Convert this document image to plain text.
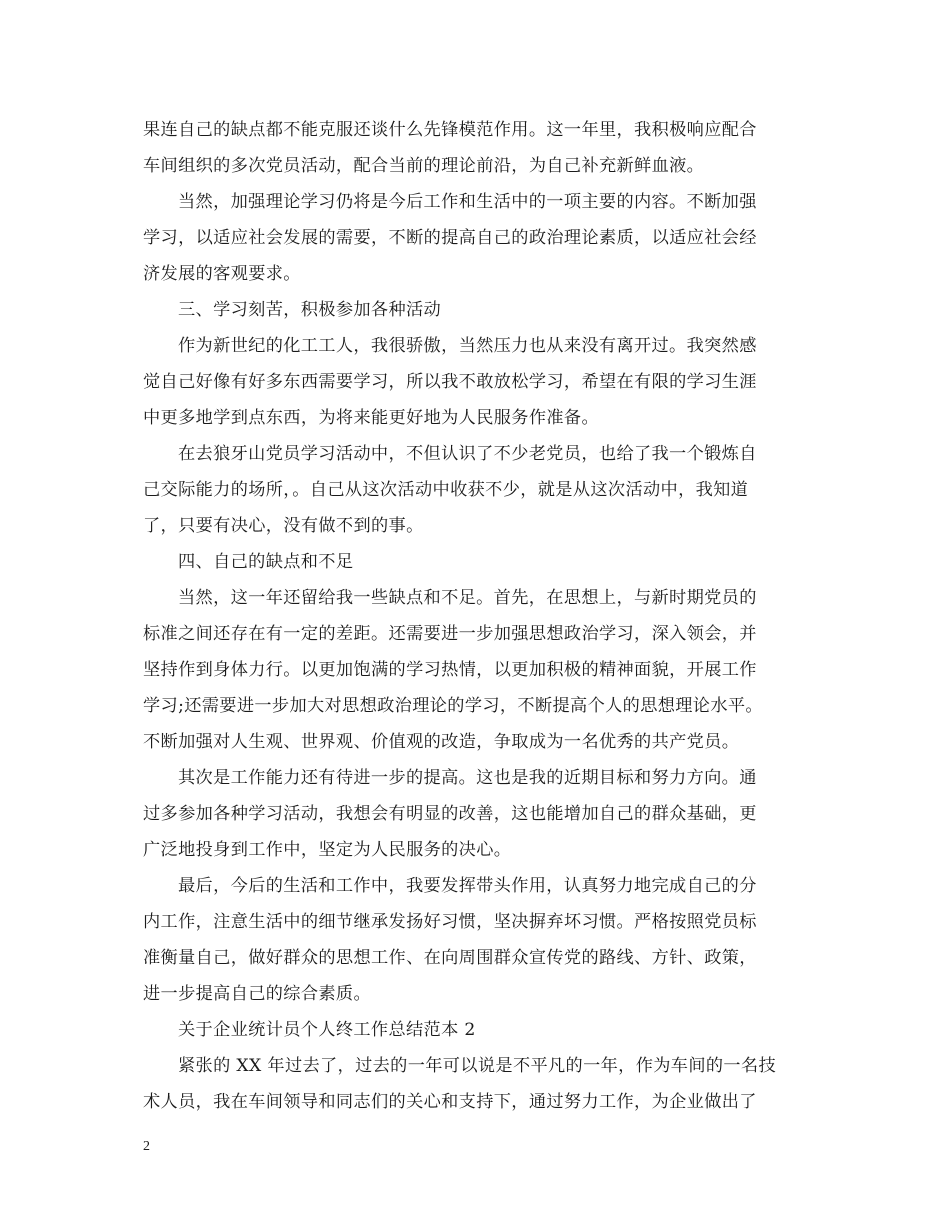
果连自己的缺点都不能克服还谈什么先锋模范作用。这一年里，我积极响应配合
车间组织的多次党员活动，配合当前的理论前沿，为自己补充新鲜血液。
当然，加强理论学习仍将是今后工作和生活中的一项主要的内容。不断加强
学习，以适应社会发展的需要，不断的提高自己的政治理论素质，以适应社会经
济发展的客观要求。
三、学习刻苦，积极参加各种活动
作为新世纪的化工工人，我很骄傲，当然压力也从来没有离开过。我突然感
觉自己好像有好多东西需要学习，所以我不敢放松学习，希望在有限的学习生涯
中更多地学到点东西，为将来能更好地为人民服务作准备。
在去狼牙山党员学习活动中，不但认识了不少老党员，也给了我一个锻炼自
己交际能力的场所，。自己从这次活动中收获不少，就是从这次活动中，我知道
了，只要有决心，没有做不到的事。
四、自己的缺点和不足
当然，这一年还留给我一些缺点和不足。首先，在思想上，与新时期党员的
标准之间还存在有一定的差距。还需要进一步加强思想政治学习，深入领会，并
坚持作到身体力行。以更加饱满的学习热情，以更加积极的精神面貌，开展工作
学习;还需要进一步加大对思想政治理论的学习，不断提高个人的思想理论水平。
不断加强对人生观、世界观、价值观的改造，争取成为一名优秀的共产党员。
其次是工作能力还有待进一步的提高。这也是我的近期目标和努力方向。通
过多参加各种学习活动，我想会有明显的改善，这也能增加自己的群众基础，更
广泛地投身到工作中，坚定为人民服务的决心。
最后，今后的生活和工作中，我要发挥带头作用，认真努力地完成自己的分
内工作，注意生活中的细节继承发扬好习惯，坚决摒弃坏习惯。严格按照党员标
准衡量自己，做好群众的思想工作、在向周围群众宣传党的路线、方针、政策，
进一步提高自己的综合素质。
关于企业统计员个人终工作总结范本 2
紧张的 XX 年过去了，过去的一年可以说是不平凡的一年，作为车间的一名技
术人员，我在车间领导和同志们的关心和支持下，通过努力工作，为企业做出了
2
